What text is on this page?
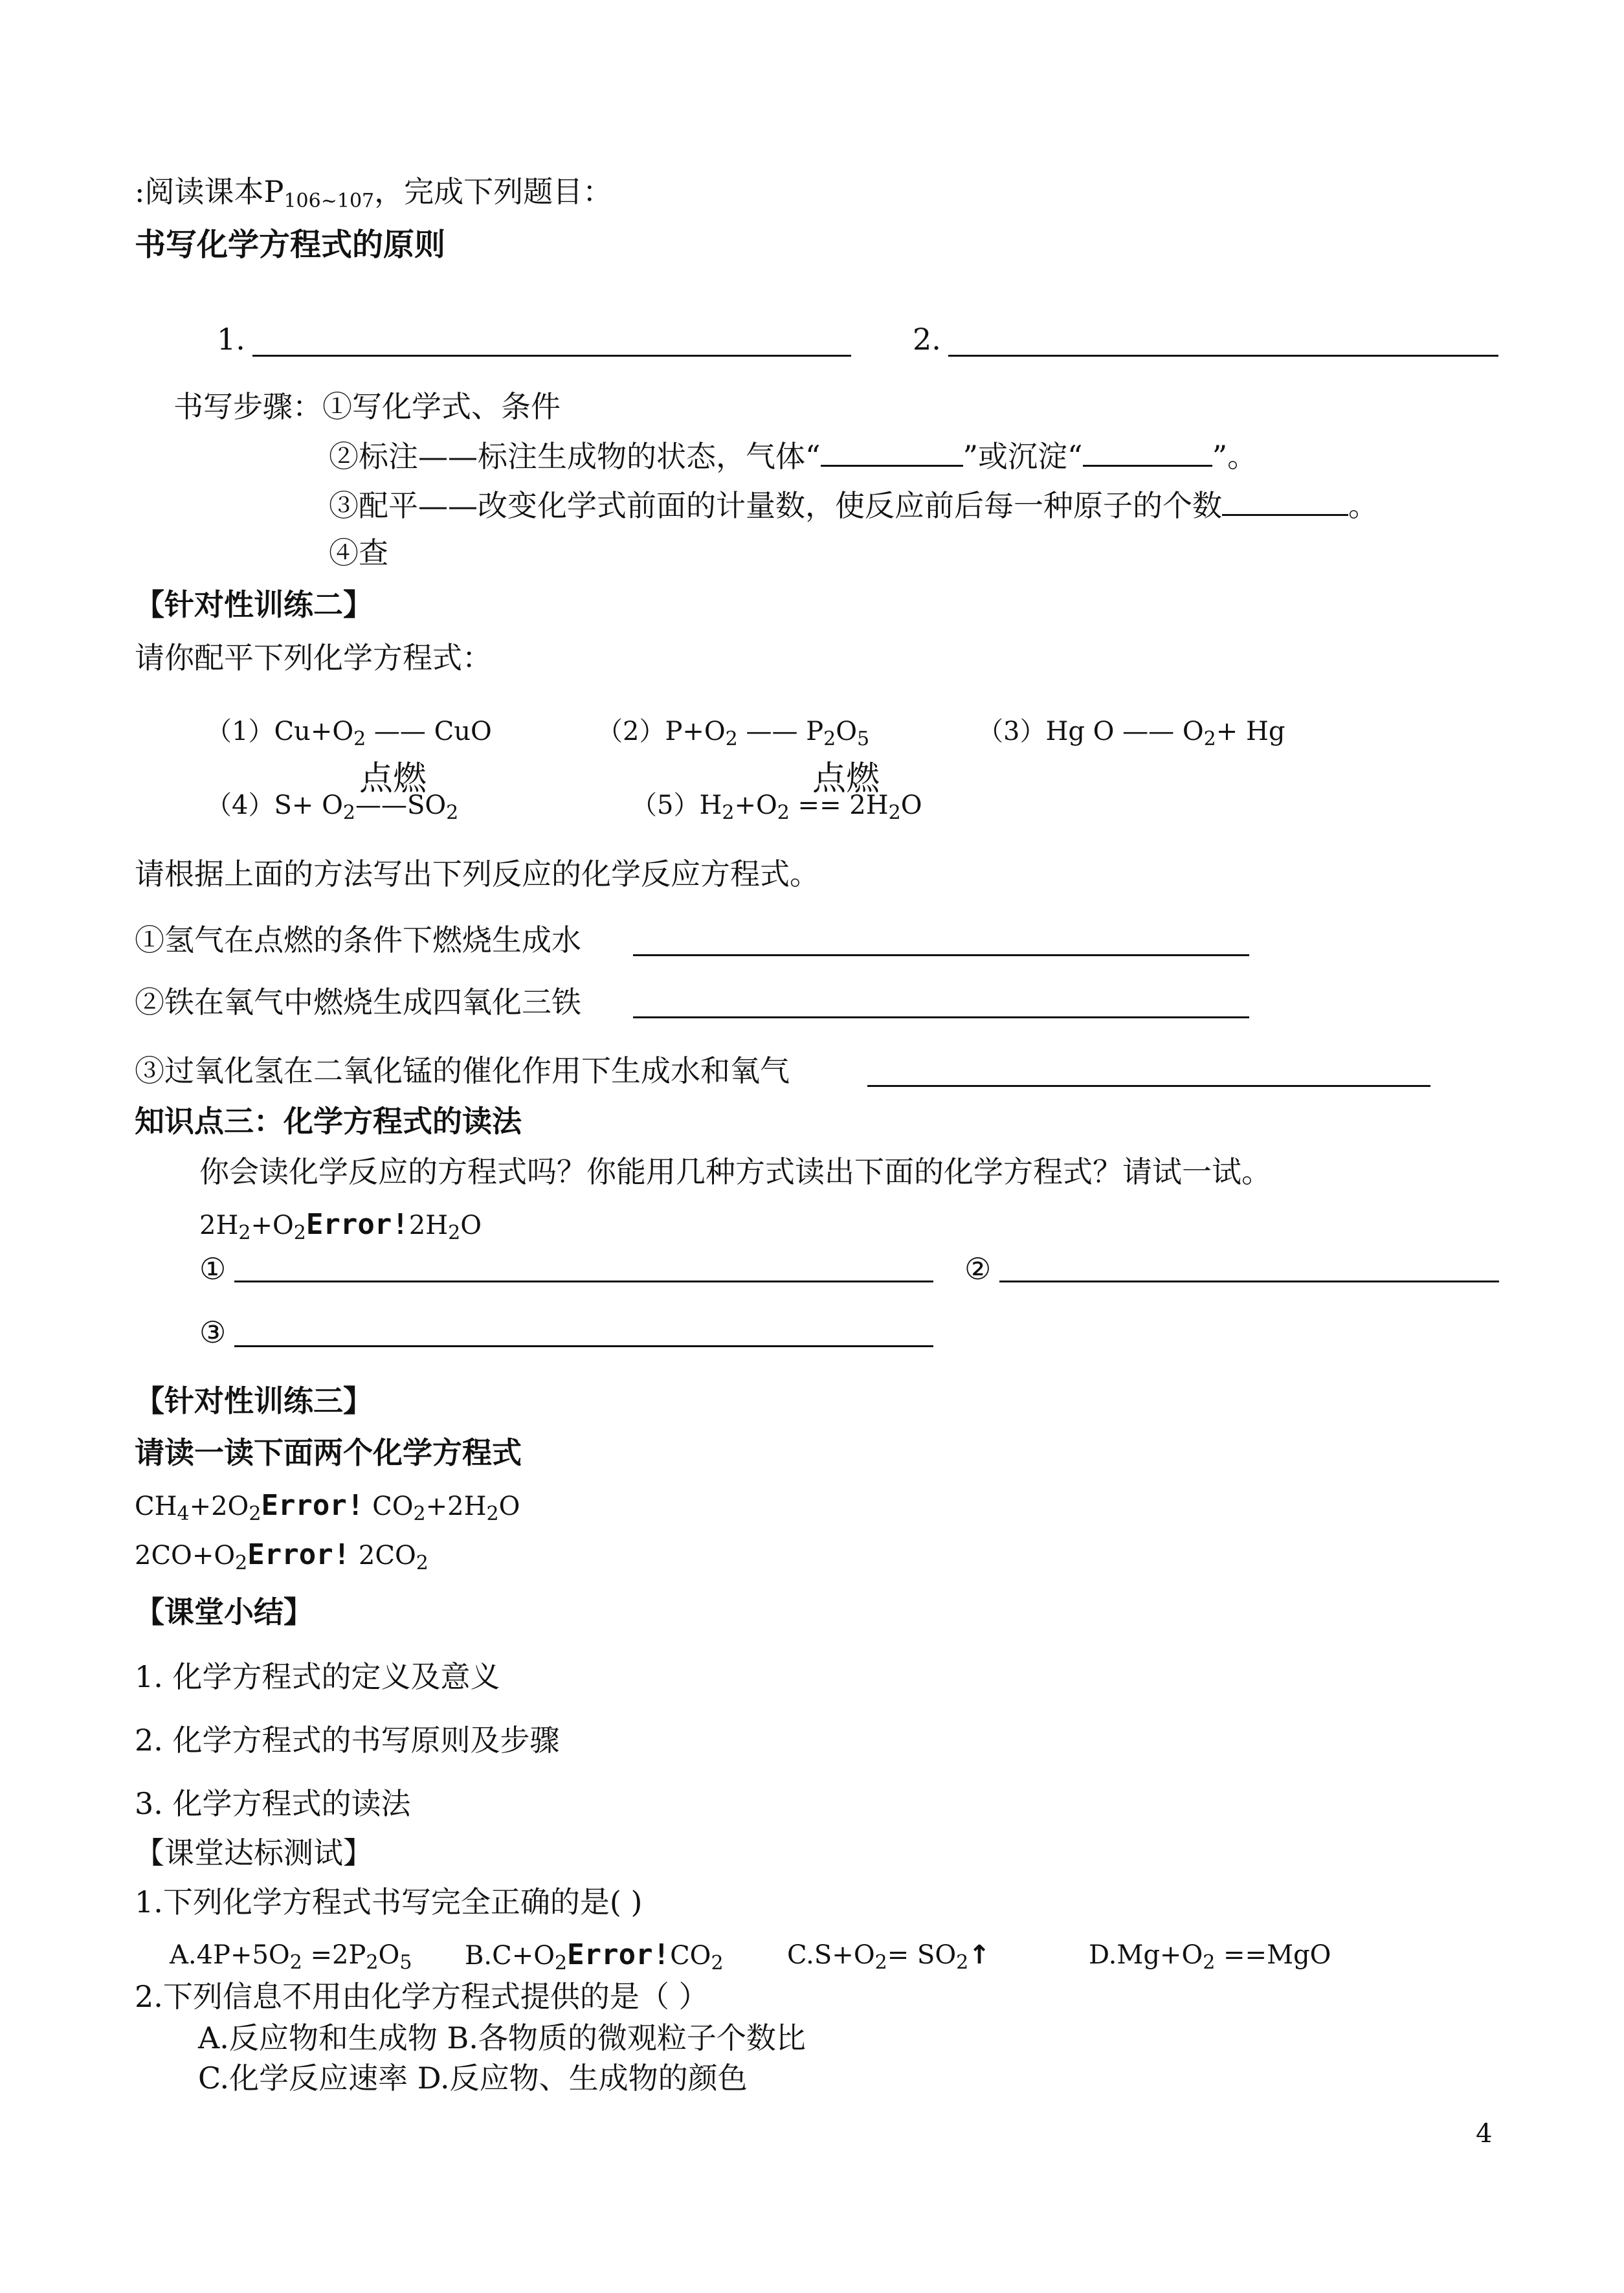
:阅读课本$P_{106\sim 107}$，完成下列题目：
书写化学方程式的原则
1.	2.
书写步骤：①写化学式、条件
②标注——标注生成物的状态，气体“	”或沉淀“	”。
③配平——改变化学式前面的计量数，使反应前后每一种原子的个数	。
④查
【针对性训练二】
请你配平下列化学方程式：
$(1)Cu+O_2$ —— CuO	$(2)P+O_2$ —— $P_2O_5$	（3）Hg O —— $O_2+ Hg$
点燃	点燃
$(4)S+ O_2——SO_2$	$(5)H_2+O_2 == 2H_2O$
请根据上面的方法写出下列反应的化学反应方程式。
①氢气在点燃的条件下燃烧生成水
②铁在氧气中燃烧生成四氧化三铁
③过氧化氢在二氧化锰的催化作用下生成水和氧气
知识点三：化学方程式的读法
你会读化学反应的方程式吗？你能用几种方式读出下面的化学方程式？请试一试。
$2H_2+O_2Error!2H_2O$
①	②
③
【针对性训练三】
请读一读下面两个化学方程式
$CH_4+2O_2Error$! $CO_2+2H_2O$
$2CO+O_2Error$! $2CO_2$
【课堂小结】
1. 化学方程式的定义及意义
2. 化学方程式的书写原则及步骤
3. 化学方程式的读法
【课堂达标测试】
1.下列化学方程式书写完全正确的是( )
$A.4P+5O_2 =2P_2O_5$ $B.C+O_2Error!CO_2$ $C.S+O_2=$ $SO_2↑$	$D.Mg+O_2 ==MgO$
2.下列信息不用由化学方程式提供的是（ ）
A.反应物和生成物 B.各物质的微观粒子个数比
C.化学反应速率 D.反应物、生成物的颜色
4
